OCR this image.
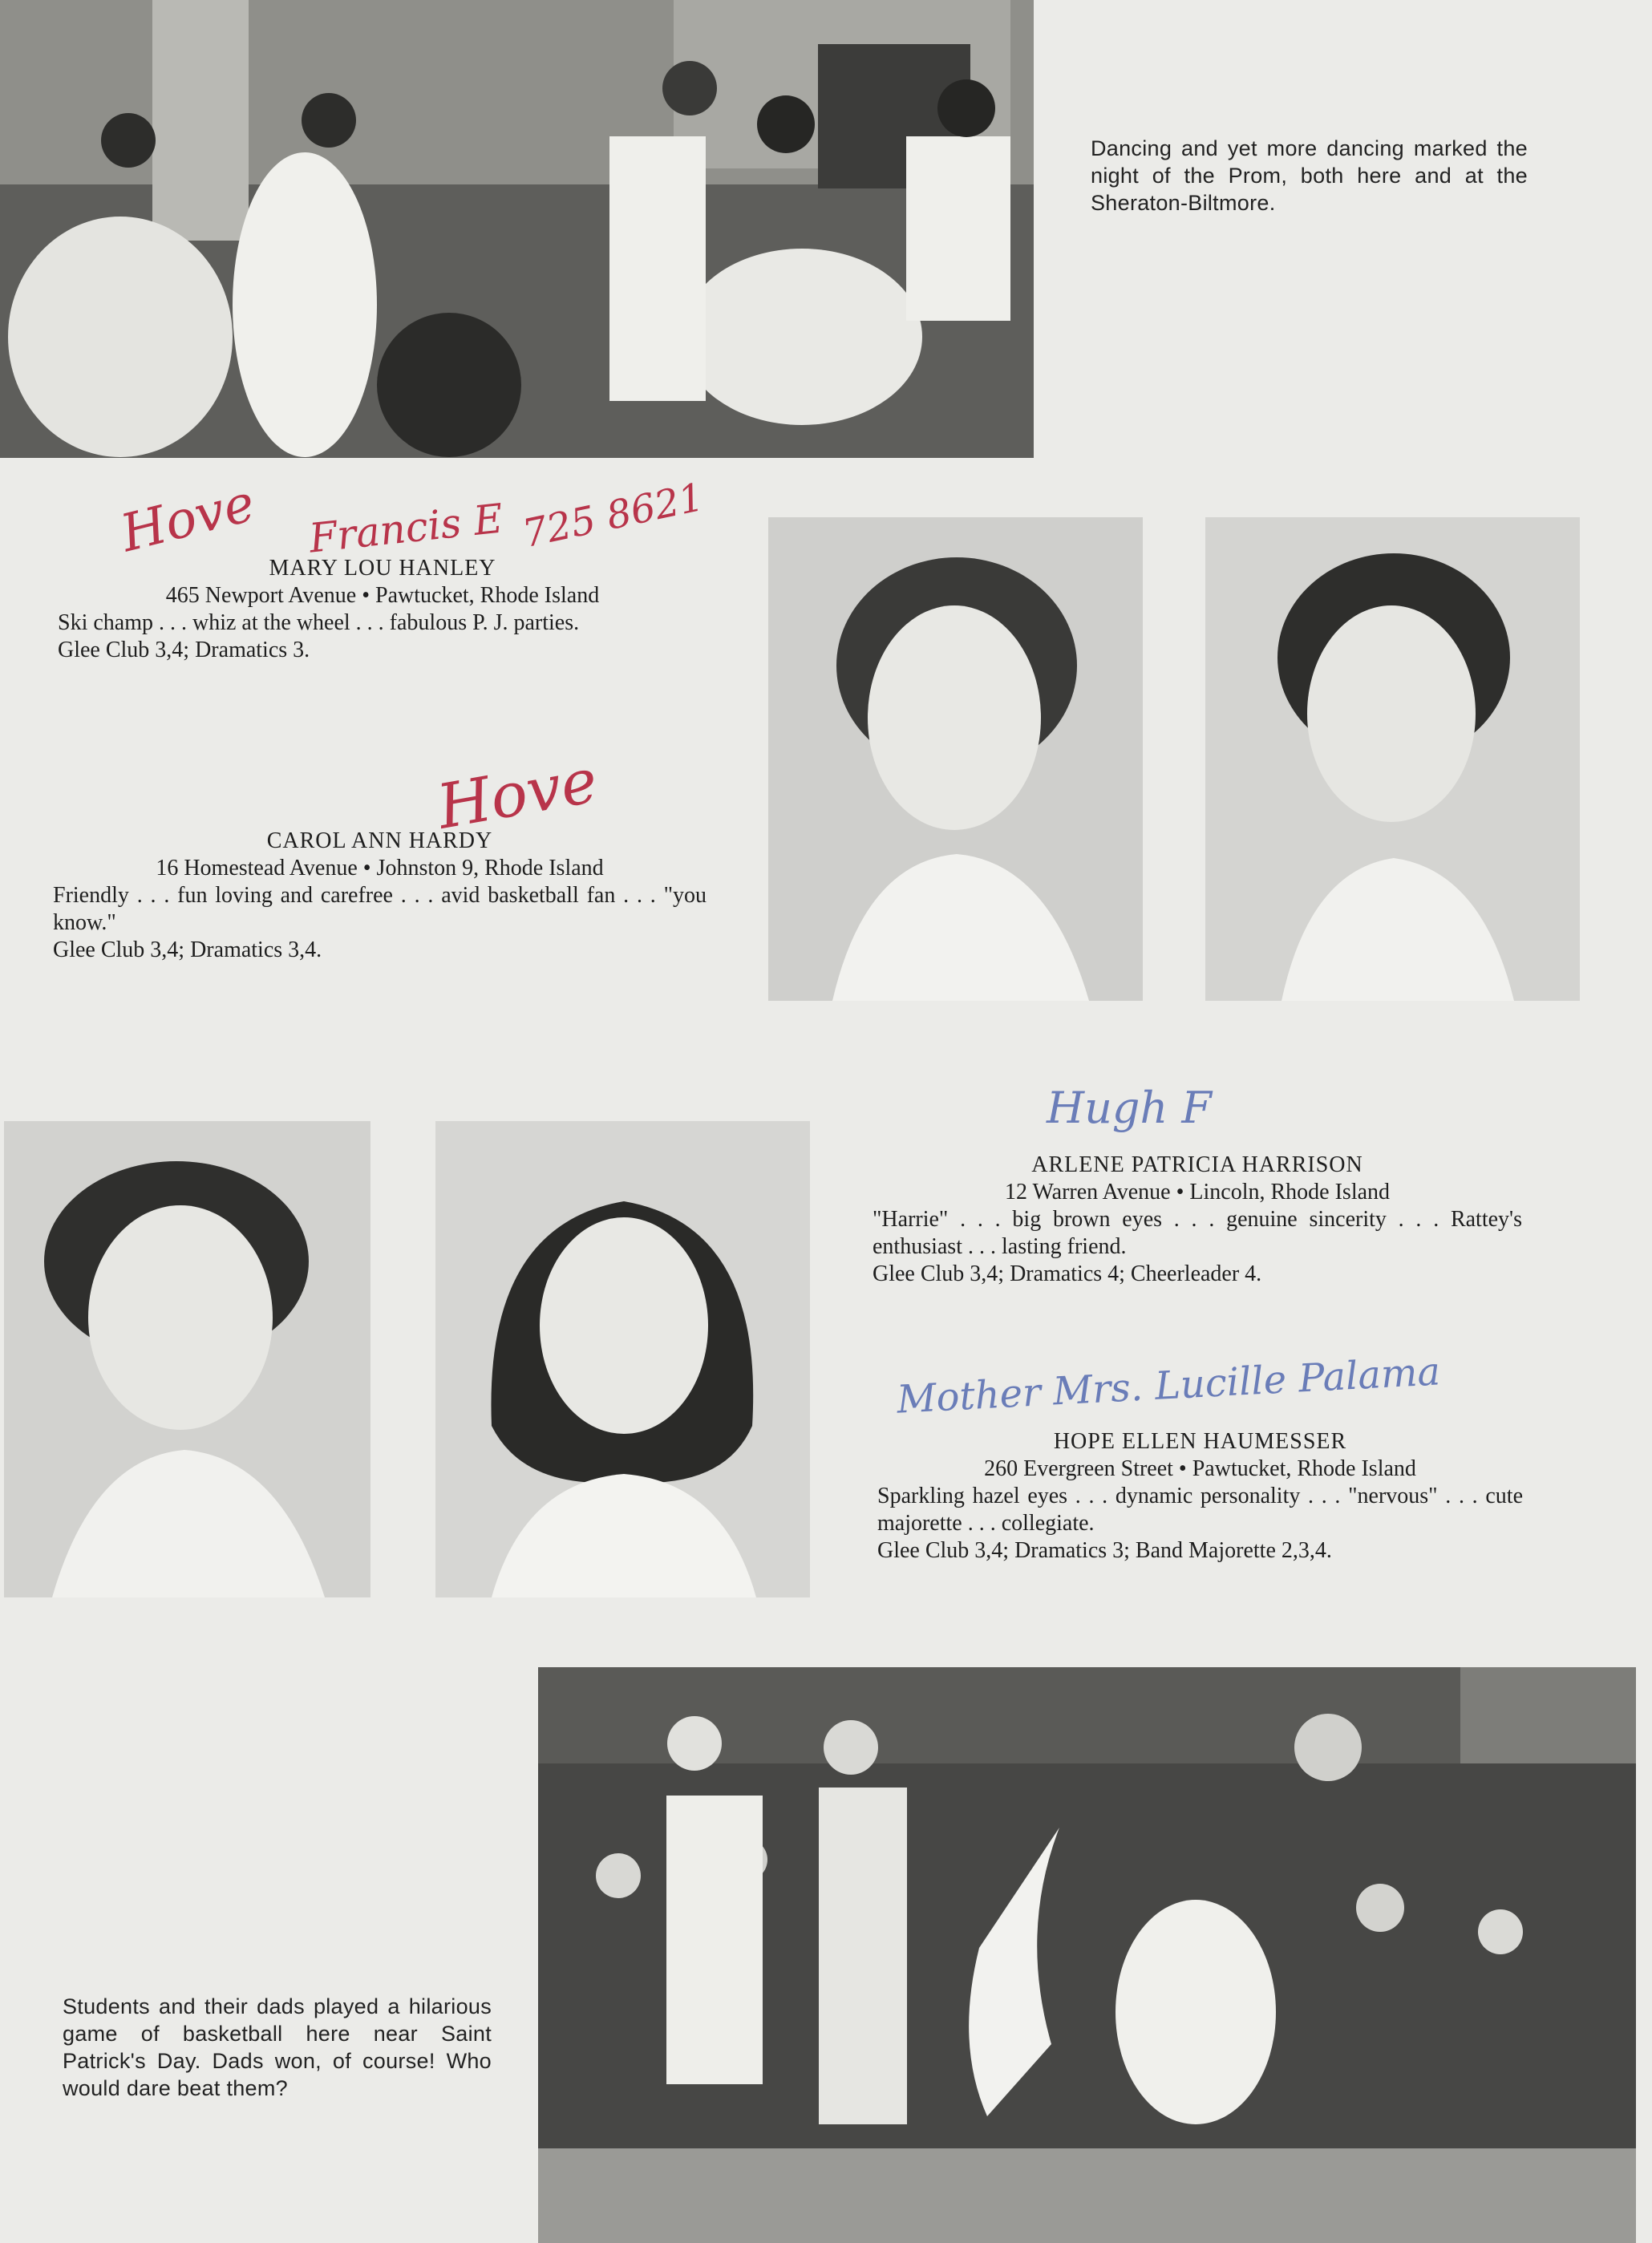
Dancing and yet more dancing marked the night of the Prom, both here and at the Sheraton-Biltmore.
Hove Francis E 725 8621
MARY LOU HANLEY
465 Newport Avenue • Pawtucket, Rhode Island
Ski champ . . . whiz at the wheel . . . fabulous P. J. parties.
Glee Club 3,4; Dramatics 3.
Hove
CAROL ANN HARDY
16 Homestead Avenue • Johnston 9, Rhode Island
Friendly . . . fun loving and carefree . . . avid basketball fan . . . "you know."
Glee Club 3,4; Dramatics 3,4.
Hugh F
ARLENE PATRICIA HARRISON
12 Warren Avenue • Lincoln, Rhode Island
"Harrie" . . . big brown eyes . . . genuine sincerity . . . Rattey's enthusiast . . . lasting friend.
Glee Club 3,4; Dramatics 4; Cheerleader 4.
Mother Mrs. Lucille Palama
HOPE ELLEN HAUMESSER
260 Evergreen Street • Pawtucket, Rhode Island
Sparkling hazel eyes . . . dynamic personality . . . "nervous" . . . cute majorette . . . collegiate.
Glee Club 3,4; Dramatics 3; Band Majorette 2,3,4.
Students and their dads played a hilarious game of basketball here near Saint Patrick's Day. Dads won, of course! Who would dare beat them?
